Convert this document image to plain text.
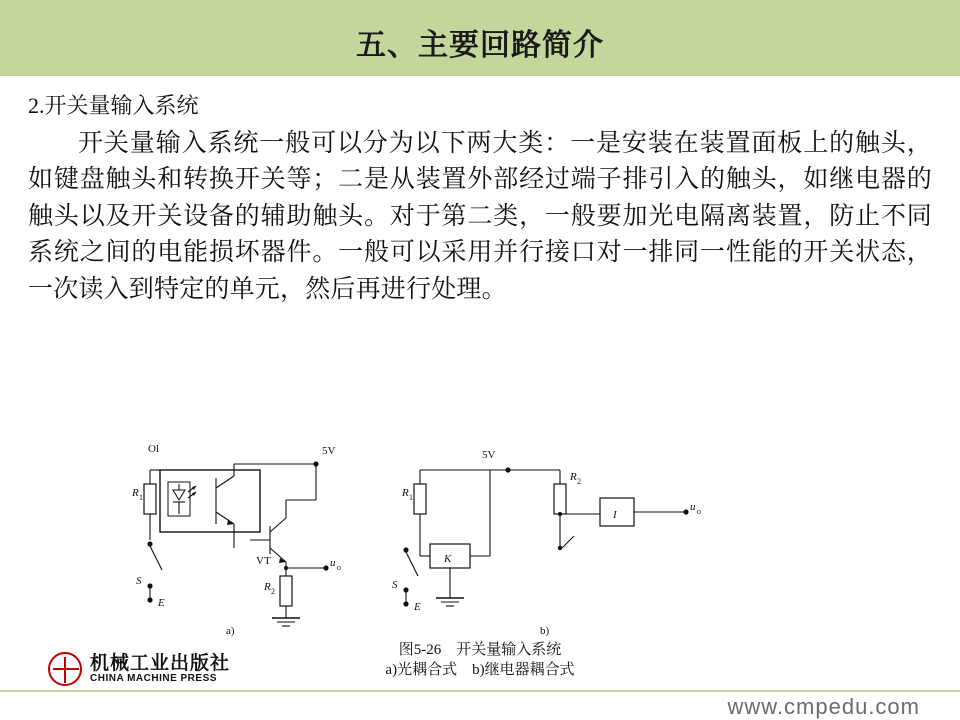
五、主要回路简介
2.开关量输入系统
开关量输入系统一般可以分为以下两大类：一是安装在装置面板上的触头，如键盘触头和转换开关等；二是从装置外部经过端子排引入的触头，如继电器的触头以及开关设备的辅助触头。对于第二类，一般要加光电隔离装置，防止不同系统之间的电能损坏器件。一般可以采用并行接口对一排同一性能的开关状态，一次读入到特定的单元，然后再进行处理。
Ol	5V
R 1
S
E
VT
R 2
u o
a)
5V
R 1
R 2
K
I
S
E
u o
b)
图5-26　开关量输入系统
a)光耦合式　b)继电器耦合式
机械工业出版社
CHINA MACHINE PRESS
www.cmpedu.com
